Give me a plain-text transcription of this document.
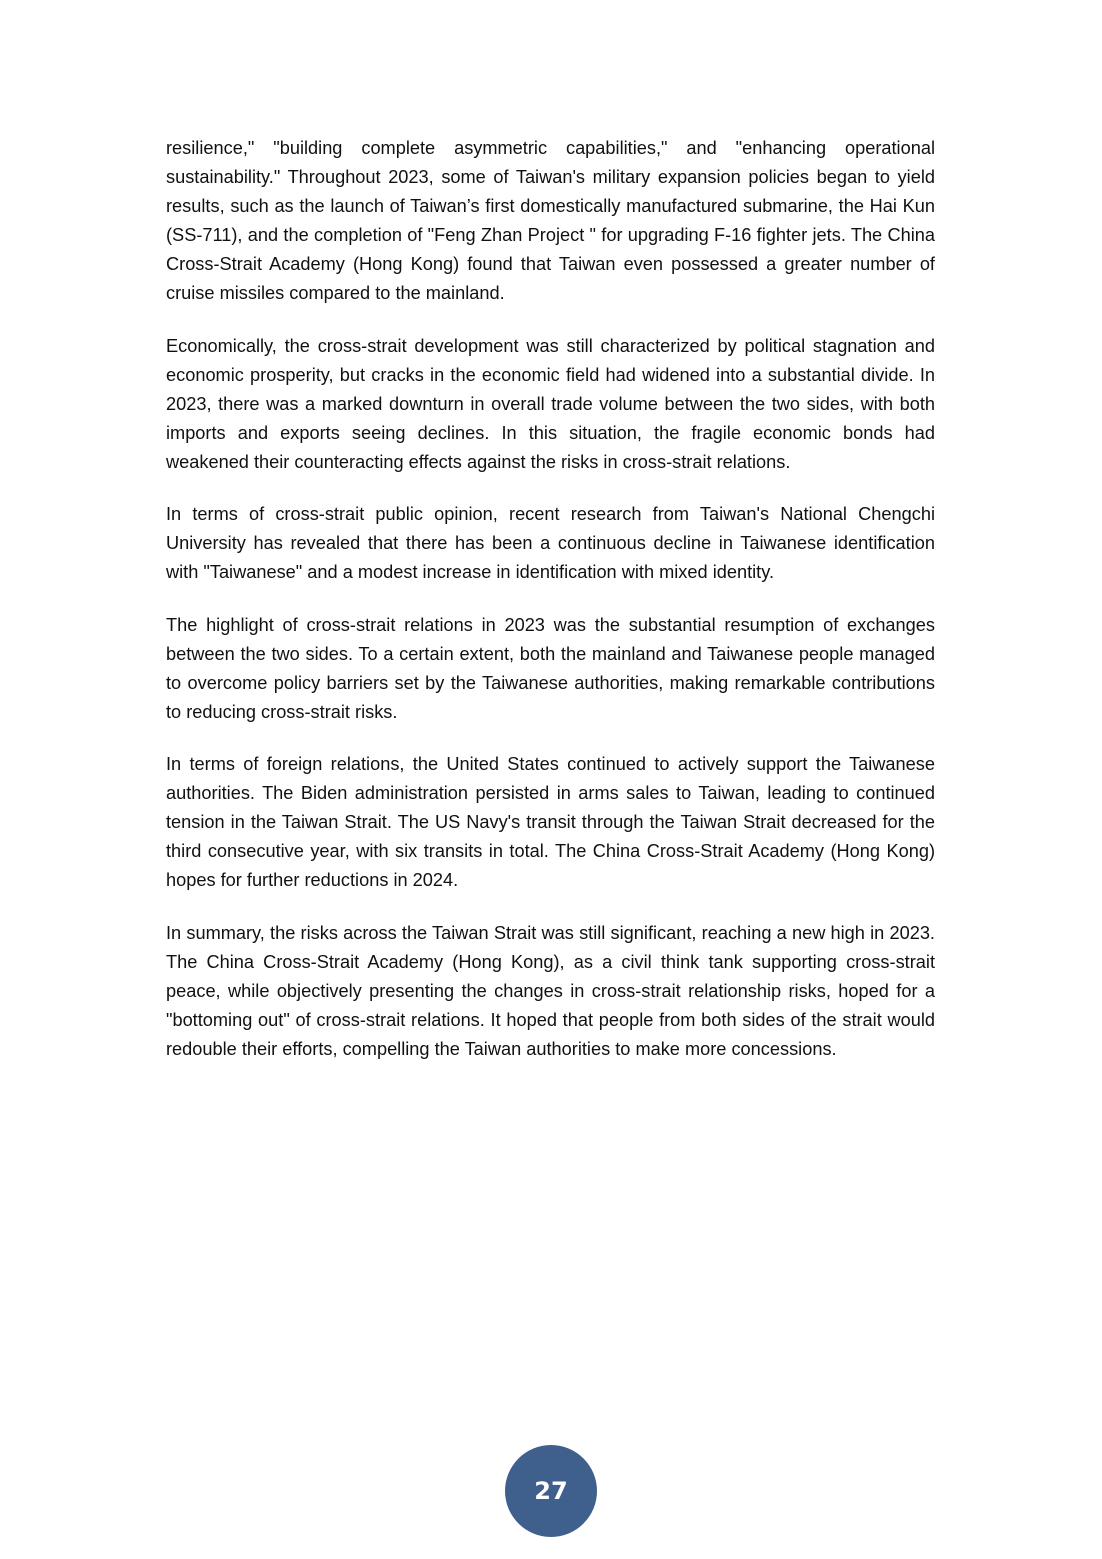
resilience," "building complete asymmetric capabilities," and "enhancing operational sustainability." Throughout 2023, some of Taiwan's military expansion policies began to yield results, such as the launch of Taiwan’s first domestically manufactured submarine, the Hai Kun (SS-711), and the completion of "Feng Zhan Project " for upgrading F-16 fighter jets. The China Cross-Strait Academy (Hong Kong) found that Taiwan even possessed a greater number of cruise missiles compared to the mainland.

Economically, the cross-strait development was still characterized by political stagnation and economic prosperity, but cracks in the economic field had widened into a substantial divide. In 2023, there was a marked downturn in overall trade volume between the two sides, with both imports and exports seeing declines. In this situation, the fragile economic bonds had weakened their counteracting effects against the risks in cross-strait relations.

In terms of cross-strait public opinion, recent research from Taiwan's National Chengchi University has revealed that there has been a continuous decline in Taiwanese identification with "Taiwanese" and a modest increase in identification with mixed identity.

The highlight of cross-strait relations in 2023 was the substantial resumption of exchanges between the two sides. To a certain extent, both the mainland and Taiwanese people managed to overcome policy barriers set by the Taiwanese authorities, making remarkable contributions to reducing cross-strait risks.

In terms of foreign relations, the United States continued to actively support the Taiwanese authorities. The Biden administration persisted in arms sales to Taiwan, leading to continued tension in the Taiwan Strait. The US Navy's transit through the Taiwan Strait decreased for the third consecutive year, with six transits in total. The China Cross-Strait Academy (Hong Kong) hopes for further reductions in 2024.

In summary, the risks across the Taiwan Strait was still significant, reaching a new high in 2023. The China Cross-Strait Academy (Hong Kong), as a civil think tank supporting cross-strait peace, while objectively presenting the changes in cross-strait relationship risks, hoped for a "bottoming out" of cross-strait relations. It hoped that people from both sides of the strait would redouble their efforts, compelling the Taiwan authorities to make more concessions.

27
